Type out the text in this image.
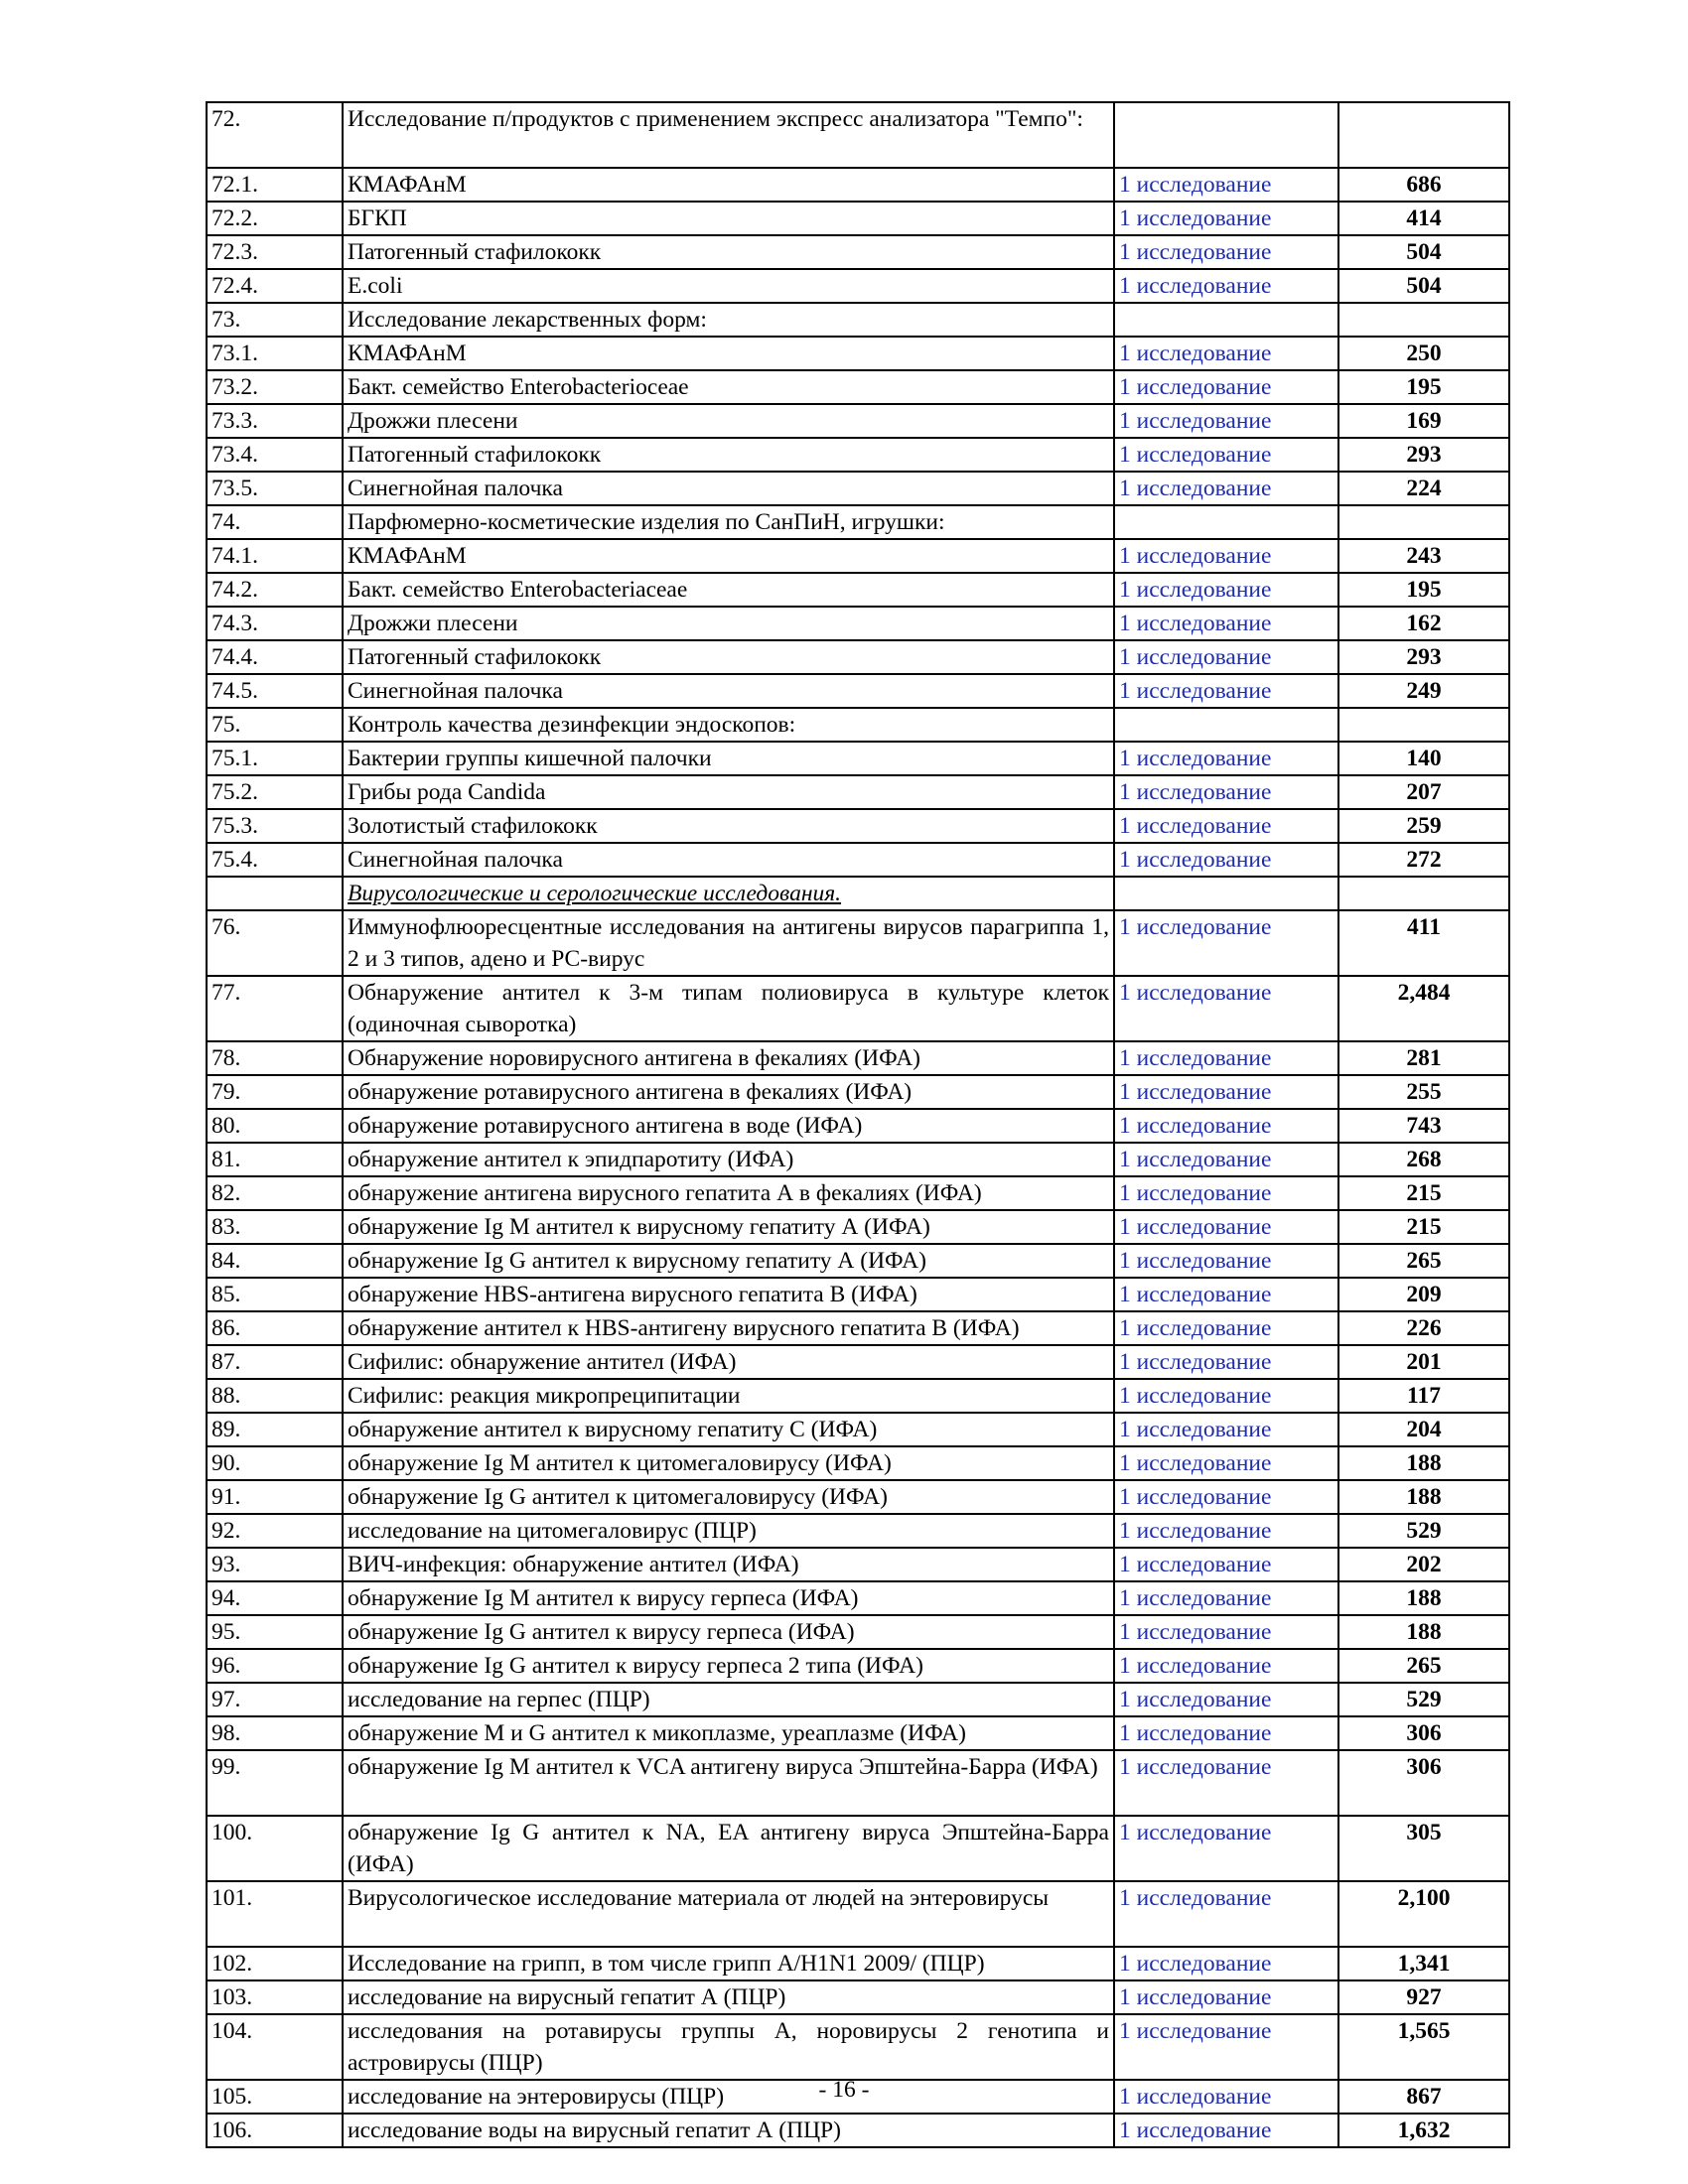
72.	Исследование п/продуктов с применением экспресс анализатора "Темпо":		
72.1.	КМАФАнМ	1 исследование	686
72.2.	БГКП	1 исследование	414
72.3.	Патогенный стафилококк	1 исследование	504
72.4.	E.coli	1 исследование	504
73.	Исследование лекарственных форм:		
73.1.	КМАФАнМ	1 исследование	250
73.2.	Бакт. семейство Enterobacterioceae	1 исследование	195
73.3.	Дрожжи плесени	1 исследование	169
73.4.	Патогенный стафилококк	1 исследование	293
73.5.	Синегнойная палочка	1 исследование	224
74.	Парфюмерно-косметические изделия по СанПиН, игрушки:		
74.1.	КМАФАнМ	1 исследование	243
74.2.	Бакт. семейство Enterobacteriaceae	1 исследование	195
74.3.	Дрожжи плесени	1 исследование	162
74.4.	Патогенный стафилококк	1 исследование	293
74.5.	Синегнойная палочка	1 исследование	249
75.	Контроль качества дезинфекции эндоскопов:		
75.1.	Бактерии группы кишечной палочки	1 исследование	140
75.2.	Грибы рода Candida	1 исследование	207
75.3.	Золотистый стафилококк	1 исследование	259
75.4.	Синегнойная палочка	1 исследование	272
	Вирусологические и серологические исследования.		
76.	Иммунофлюоресцентные исследования на антигены вирусов парагриппа 1, 2 и 3 типов, адено и РС-вирус	1 исследование	411
77.	Обнаружение антител к 3-м типам полиовируса в культуре клеток (одиночная сыворотка)	1 исследование	2,484
78.	Обнаружение норовирусного антигена в фекалиях (ИФА)	1 исследование	281
79.	обнаружение ротавирусного антигена в фекалиях (ИФА)	1 исследование	255
80.	обнаружение ротавирусного антигена в воде (ИФА)	1 исследование	743
81.	обнаружение антител к эпидпаротиту (ИФА)	1 исследование	268
82.	обнаружение антигена вирусного гепатита А в фекалиях (ИФА)	1 исследование	215
83.	обнаружение Ig M антител к вирусному гепатиту А (ИФА)	1 исследование	215
84.	обнаружение Ig G антител к вирусному гепатиту А (ИФА)	1 исследование	265
85.	обнаружение HBS-антигена вирусного гепатита В (ИФА)	1 исследование	209
86.	обнаружение антител к HBS-антигену вирусного гепатита В (ИФА)	1 исследование	226
87.	Сифилис: обнаружение антител (ИФА)	1 исследование	201
88.	Сифилис: реакция микропреципитации	1 исследование	117
89.	обнаружение антител к вирусному гепатиту С (ИФА)	1 исследование	204
90.	обнаружение Ig M антител к цитомегаловирусу (ИФА)	1 исследование	188
91.	обнаружение Ig G антител к цитомегаловирусу (ИФА)	1 исследование	188
92.	исследование на цитомегаловирус (ПЦР)	1 исследование	529
93.	ВИЧ-инфекция: обнаружение антител (ИФА)	1 исследование	202
94.	обнаружение Ig M антител к вирусу герпеса (ИФА)	1 исследование	188
95.	обнаружение Ig G антител к вирусу герпеса (ИФА)	1 исследование	188
96.	обнаружение Ig G антител к вирусу герпеса 2 типа (ИФА)	1 исследование	265
97.	исследование на герпес (ПЦР)	1 исследование	529
98.	обнаружение M и G антител к микоплазме, уреаплазме (ИФА)	1 исследование	306
99.	обнаружение Ig M антител к VCA антигену вируса Эпштейна-Барра (ИФА)	1 исследование	306
100.	обнаружение Ig G антител к NA, EA антигену вируса Эпштейна-Барра (ИФА)	1 исследование	305
101.	Вирусологическое исследование материала от людей на энтеровирусы	1 исследование	2,100
102.	Исследование на грипп, в том числе грипп А/H1N1 2009/ (ПЦР)	1 исследование	1,341
103.	исследование на вирусный гепатит А (ПЦР)	1 исследование	927
104.	исследования на ротавирусы группы А, норовирусы 2 генотипа и астровирусы (ПЦР)	1 исследование	1,565
105.	исследование на энтеровирусы (ПЦР)	1 исследование	867
106.	исследование воды на вирусный гепатит А (ПЦР)	1 исследование	1,632
- 16 -
